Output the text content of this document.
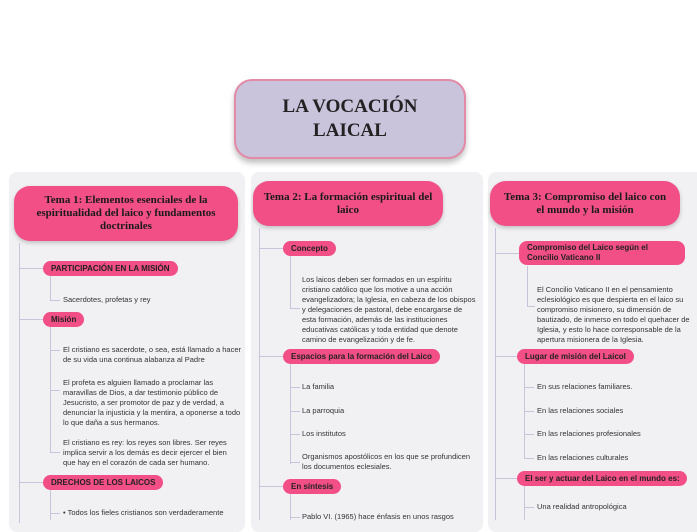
LA VOCACIÓN
LAICAL
Tema 1: Elementos esenciales de la espiritualidad del laico y fundamentos doctrinales
PARTICIPACIÓN EN LA MISIÓN
Sacerdotes, profetas y rey
Misión
El cristiano es sacerdote, o sea, está llamado a hacer de su vida una continua alabanza al Padre
El profeta es alguien llamado a proclamar las maravillas de Dios, a dar testimonio público de Jesucristo, a ser promotor de paz y de verdad, a denunciar la injusticia y la mentira, a oponerse a todo lo que daña a sus hermanos.
El cristiano es rey: los reyes son libres. Ser reyes implica servir a los demás es decir ejercer el bien que hay en el corazón de cada ser humano.
DRECHOS DE LOS LAICOS
• Todos los fieles cristianos son verdaderamente
Tema 2: La formación espiritual del laico
Concepto
Los laicos deben ser formados en un espíritu cristiano católico que los motive a una acción evangelizadora; la Iglesia, en cabeza de los obispos y delegaciones de pastoral, debe encargarse de esta formación, además de las instituciones educativas católicas y toda entidad que denote camino de evangelización y de fe.
Espacios para la formación del Laico
La familia
La parroquia
Los institutos
Organismos apostólicos en los que se profundicen los documentos eclesiales.
En síntesis
Pablo VI. (1965) hace énfasis en unos rasgos
Tema 3: Compromiso del laico con el mundo y la misión
Compromiso del Laico según el Concilio Vaticano II
El Concilio Vaticano II en el pensamiento eclesiológico es que despierta en el laico su compromiso misionero, su dimensión de bautizado, de inmerso en todo el quehacer de Iglesia, y esto lo hace corresponsable de la apertura misionera de la Iglesia.
Lugar de misión del Laicol
En sus relaciones familiares.
En las relaciones sociales
En las relaciones profesionales
En las relaciones culturales
El ser y actuar del Laico en el mundo es:
Una realidad antropológica
